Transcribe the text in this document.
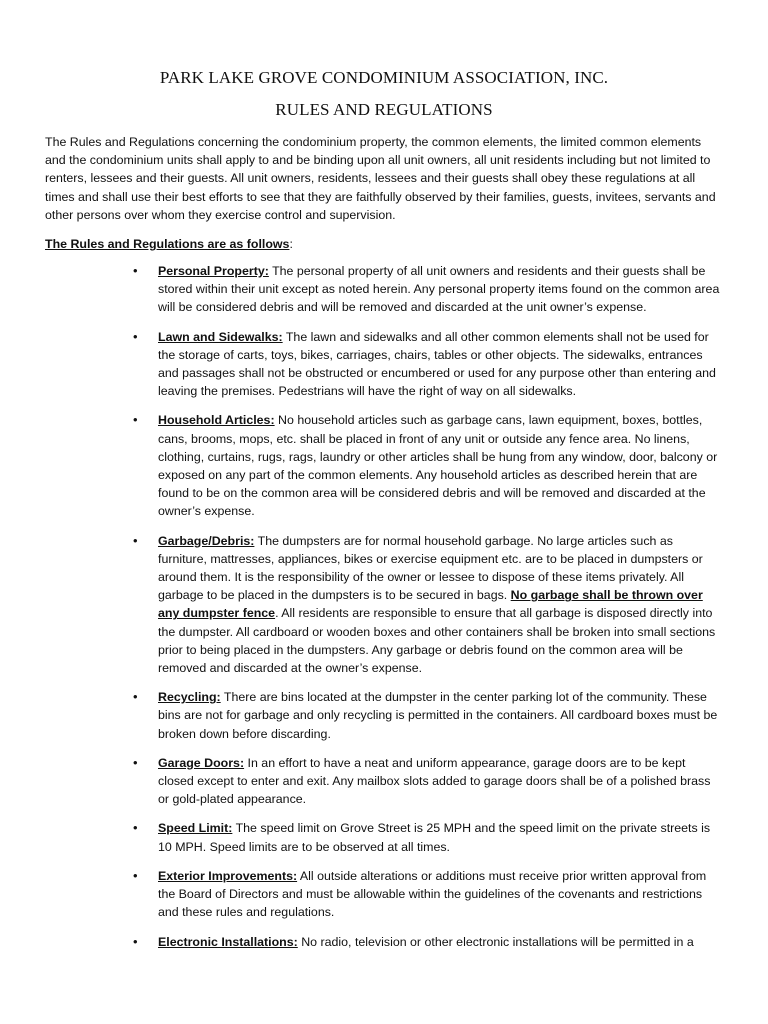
PARK LAKE GROVE CONDOMINIUM ASSOCIATION, INC.
RULES AND REGULATIONS

The Rules and Regulations concerning the condominium property, the common elements, the limited common elements and the condominium units shall apply to and be binding upon all unit owners, all unit residents including but not limited to renters, lessees and their guests. All unit owners, residents, lessees and their guests shall obey these regulations at all times and shall use their best efforts to see that they are faithfully observed by their families, guests, invitees, servants and other persons over whom they exercise control and supervision.

The Rules and Regulations are as follows:

• Personal Property: The personal property of all unit owners and residents and their guests shall be stored within their unit except as noted herein. Any personal property items found on the common area will be considered debris and will be removed and discarded at the unit owner’s expense.
• Lawn and Sidewalks: The lawn and sidewalks and all other common elements shall not be used for the storage of carts, toys, bikes, carriages, chairs, tables or other objects. The sidewalks, entrances and passages shall not be obstructed or encumbered or used for any purpose other than entering and leaving the premises. Pedestrians will have the right of way on all sidewalks.
• Household Articles: No household articles such as garbage cans, lawn equipment, boxes, bottles, cans, brooms, mops, etc. shall be placed in front of any unit or outside any fence area. No linens, clothing, curtains, rugs, rags, laundry or other articles shall be hung from any window, door, balcony or exposed on any part of the common elements. Any household articles as described herein that are found to be on the common area will be considered debris and will be removed and discarded at the owner’s expense.
• Garbage/Debris: The dumpsters are for normal household garbage. No large articles such as furniture, mattresses, appliances, bikes or exercise equipment etc. are to be placed in dumpsters or around them. It is the responsibility of the owner or lessee to dispose of these items privately. All garbage to be placed in the dumpsters is to be secured in bags. No garbage shall be thrown over any dumpster fence. All residents are responsible to ensure that all garbage is disposed directly into the dumpster. All cardboard or wooden boxes and other containers shall be broken into small sections prior to being placed in the dumpsters. Any garbage or debris found on the common area will be removed and discarded at the owner’s expense.
• Recycling: There are bins located at the dumpster in the center parking lot of the community. These bins are not for garbage and only recycling is permitted in the containers. All cardboard boxes must be broken down before discarding.
• Garage Doors: In an effort to have a neat and uniform appearance, garage doors are to be kept closed except to enter and exit. Any mailbox slots added to garage doors shall be of a polished brass or gold-plated appearance.
• Speed Limit: The speed limit on Grove Street is 25 MPH and the speed limit on the private streets is 10 MPH. Speed limits are to be observed at all times.
• Exterior Improvements: All outside alterations or additions must receive prior written approval from the Board of Directors and must be allowable within the guidelines of the covenants and restrictions and these rules and regulations.
• Electronic Installations: No radio, television or other electronic installations will be permitted in a
